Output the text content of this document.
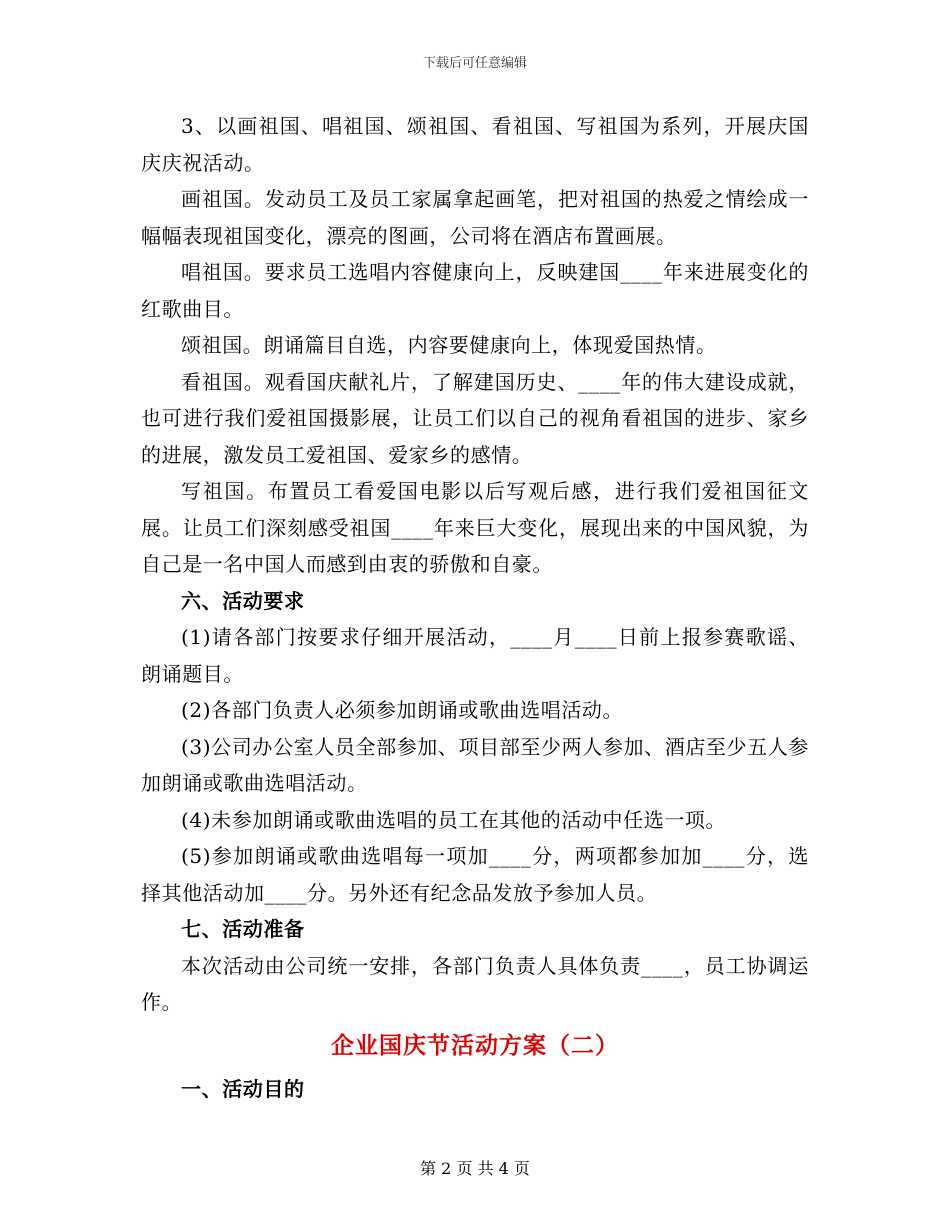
下载后可任意编辑

3、以画祖国、唱祖国、颂祖国、看祖国、写祖国为系列，开展庆国庆庆祝活动。

画祖国。发动员工及员工家属拿起画笔，把对祖国的热爱之情绘成一幅幅表现祖国变化，漂亮的图画，公司将在酒店布置画展。

唱祖国。要求员工选唱内容健康向上，反映建国____年来进展变化的红歌曲目。

颂祖国。朗诵篇目自选，内容要健康向上，体现爱国热情。

看祖国。观看国庆献礼片，了解建国历史、____年的伟大建设成就，也可进行我们爱祖国摄影展，让员工们以自己的视角看祖国的进步、家乡的进展，激发员工爱祖国、爱家乡的感情。

写祖国。布置员工看爱国电影以后写观后感，进行我们爱祖国征文展。让员工们深刻感受祖国____年来巨大变化，展现出来的中国风貌，为自己是一名中国人而感到由衷的骄傲和自豪。

六、活动要求

(1)请各部门按要求仔细开展活动，____月____日前上报参赛歌谣、朗诵题目。

(2)各部门负责人必须参加朗诵或歌曲选唱活动。

(3)公司办公室人员全部参加、项目部至少两人参加、酒店至少五人参加朗诵或歌曲选唱活动。

(4)未参加朗诵或歌曲选唱的员工在其他的活动中任选一项。

(5)参加朗诵或歌曲选唱每一项加____分，两项都参加加____分，选择其他活动加____分。另外还有纪念品发放予参加人员。

七、活动准备

本次活动由公司统一安排，各部门负责人具体负责____，员工协调运作。

企业国庆节活动方案（二）

一、活动目的

第 2 页 共 4 页
